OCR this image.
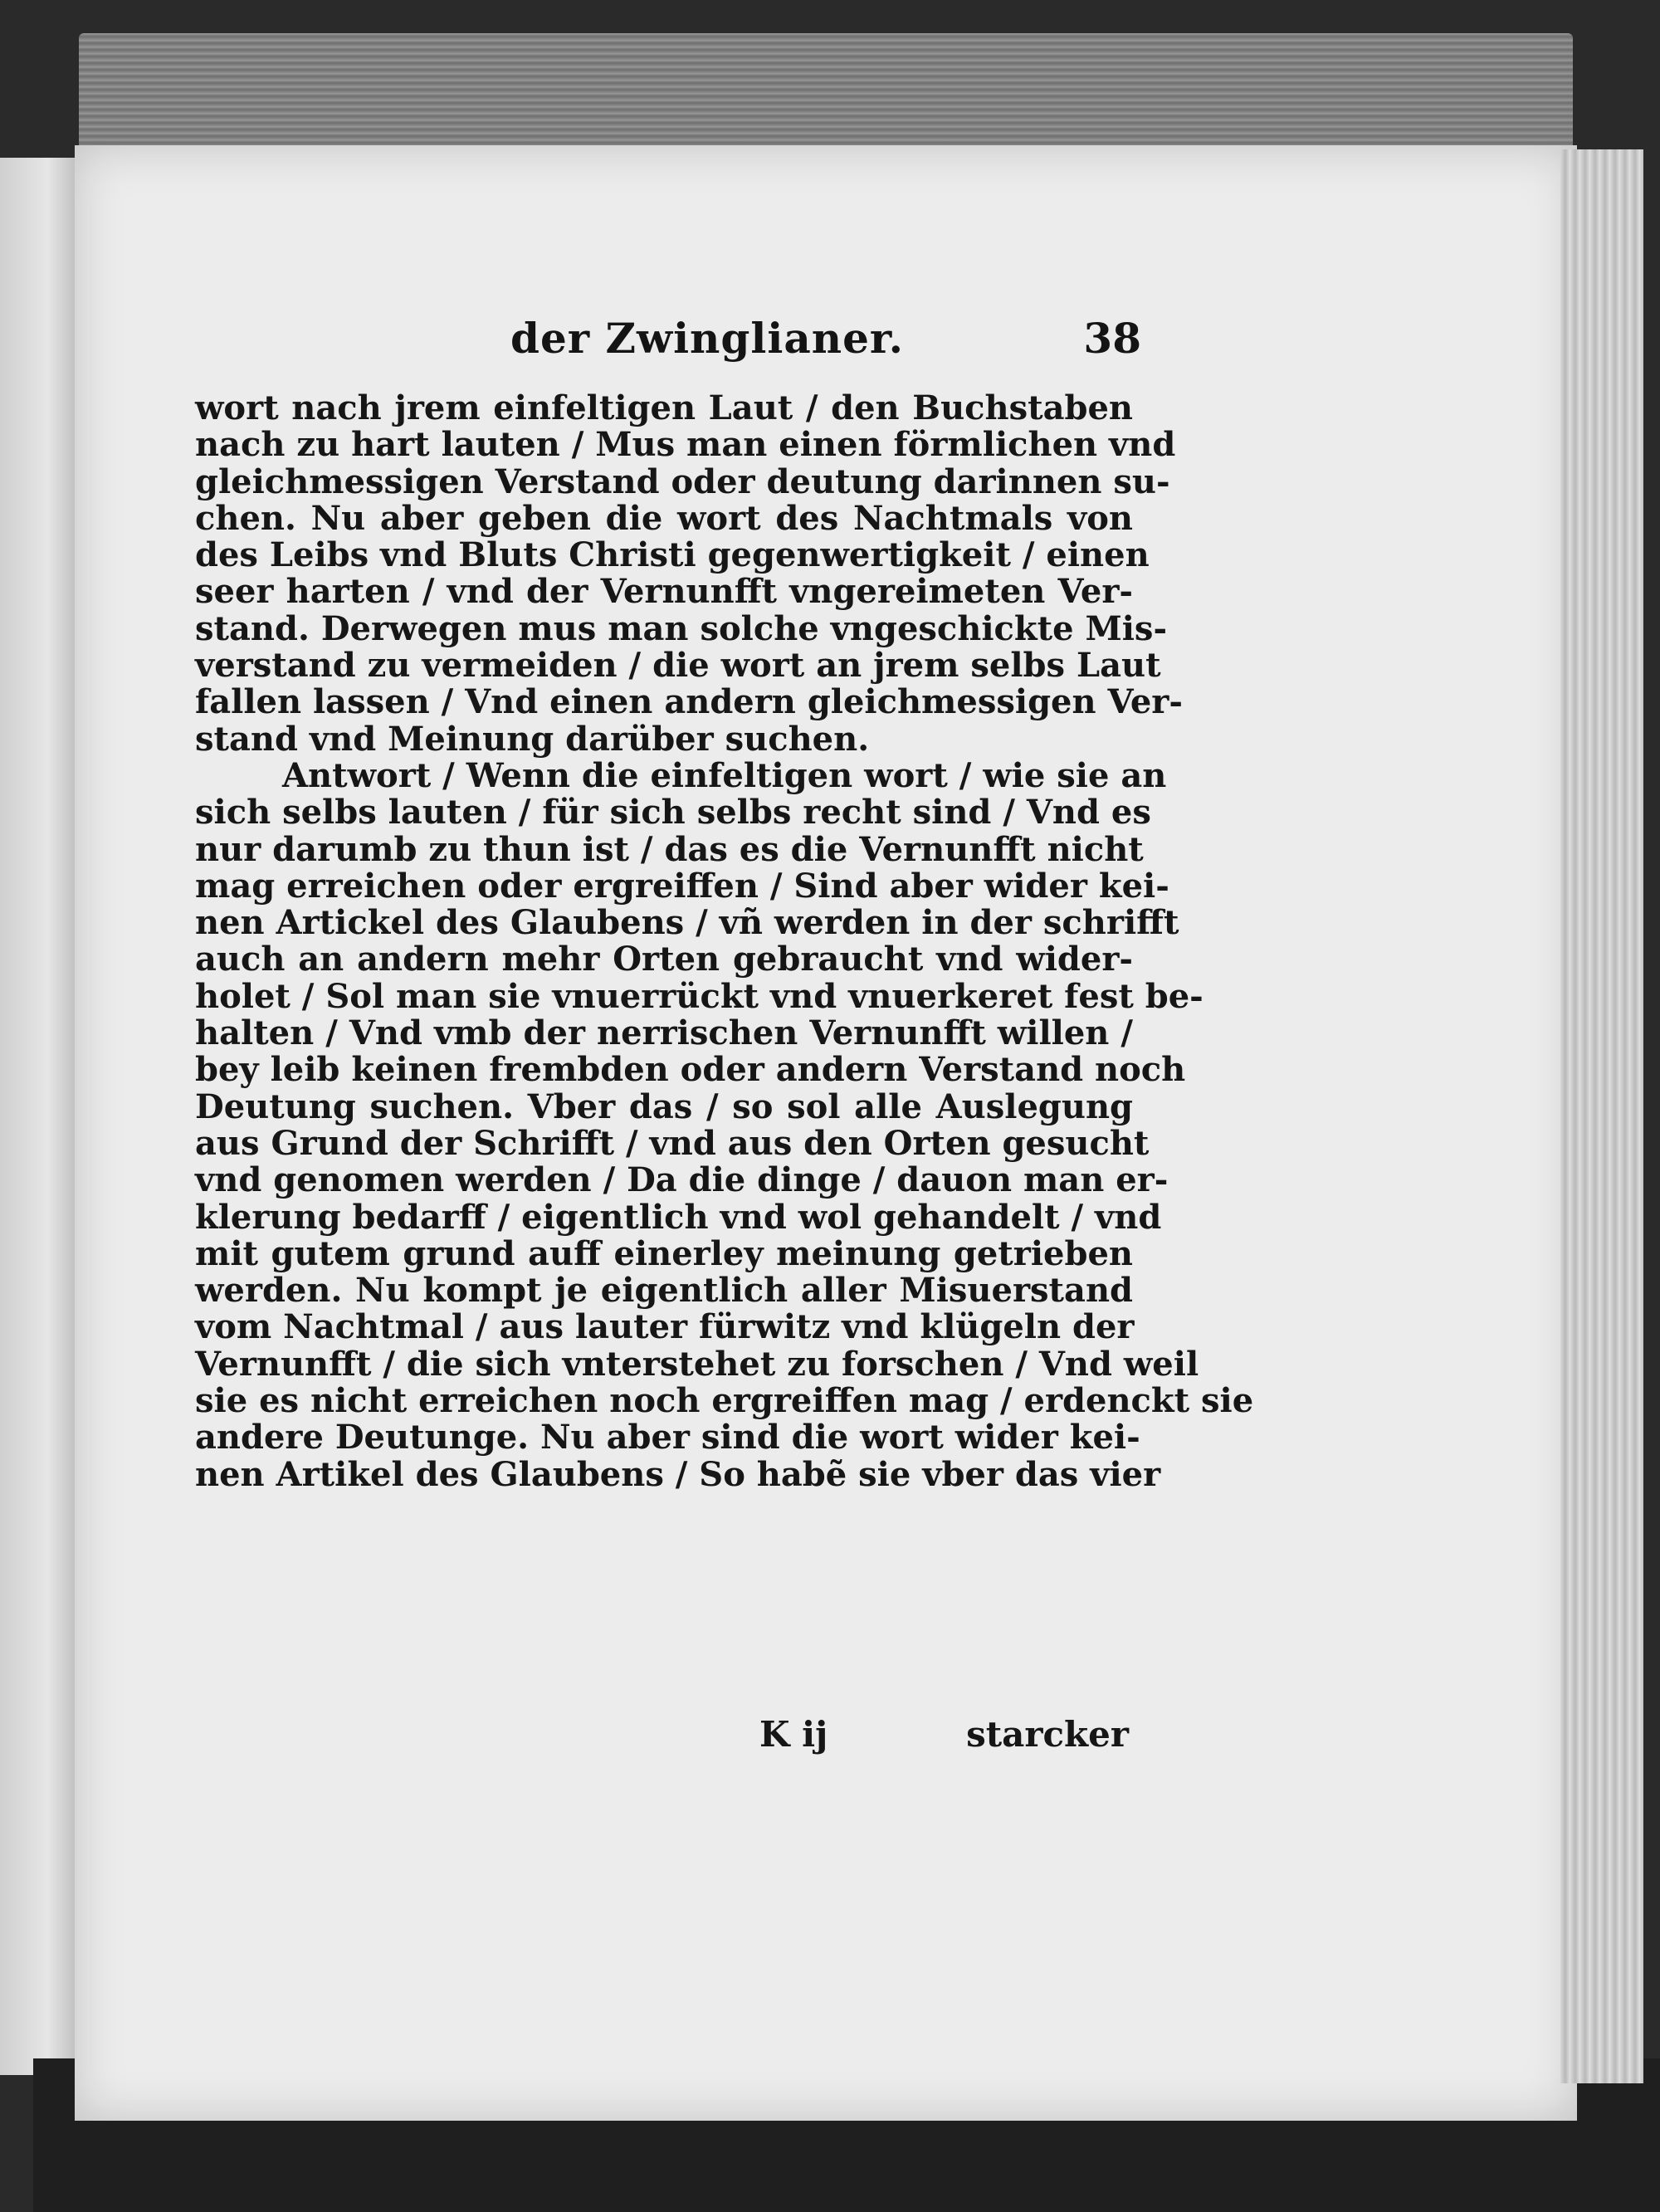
der Zwinglianer.	38
wort nach jrem einfeltigen Laut / den Buchstaben
nach zu hart lauten / Mus man einen förmlichen vnd
gleichmessigen Verstand oder deutung darinnen su-
chen. Nu aber geben die wort des Nachtmals von
des Leibs vnd Bluts Christi gegenwertigkeit / einen
seer harten / vnd der Vernunfft vngereimeten Ver-
stand. Derwegen mus man solche vngeschickte Mis-
verstand zu vermeiden / die wort an jrem selbs Laut
fallen lassen / Vnd einen andern gleichmessigen Ver-
stand vnd Meinung darüber suchen.
Antwort / Wenn die einfeltigen wort / wie sie an
sich selbs lauten / für sich selbs recht sind / Vnd es
nur darumb zu thun ist / das es die Vernunfft nicht
mag erreichen oder ergreiffen / Sind aber wider kei-
nen Artickel des Glaubens / vñ werden in der schrifft
auch an andern mehr Orten gebraucht vnd wider-
holet / Sol man sie vnuerrückt vnd vnuerkeret fest be-
halten / Vnd vmb der nerrischen Vernunfft willen /
bey leib keinen frembden oder andern Verstand noch
Deutung suchen. Vber das / so sol alle Auslegung
aus Grund der Schrifft / vnd aus den Orten gesucht
vnd genomen werden / Da die dinge / dauon man er-
klerung bedarff / eigentlich vnd wol gehandelt / vnd
mit gutem grund auff einerley meinung getrieben
werden. Nu kompt je eigentlich aller Misuerstand
vom Nachtmal / aus lauter fürwitz vnd klügeln der
Vernunfft / die sich vnterstehet zu forschen / Vnd weil
sie es nicht erreichen noch ergreiffen mag / erdenckt sie
andere Deutunge. Nu aber sind die wort wider kei-
nen Artikel des Glaubens / So habẽ sie vber das vier
K ij	starcker
